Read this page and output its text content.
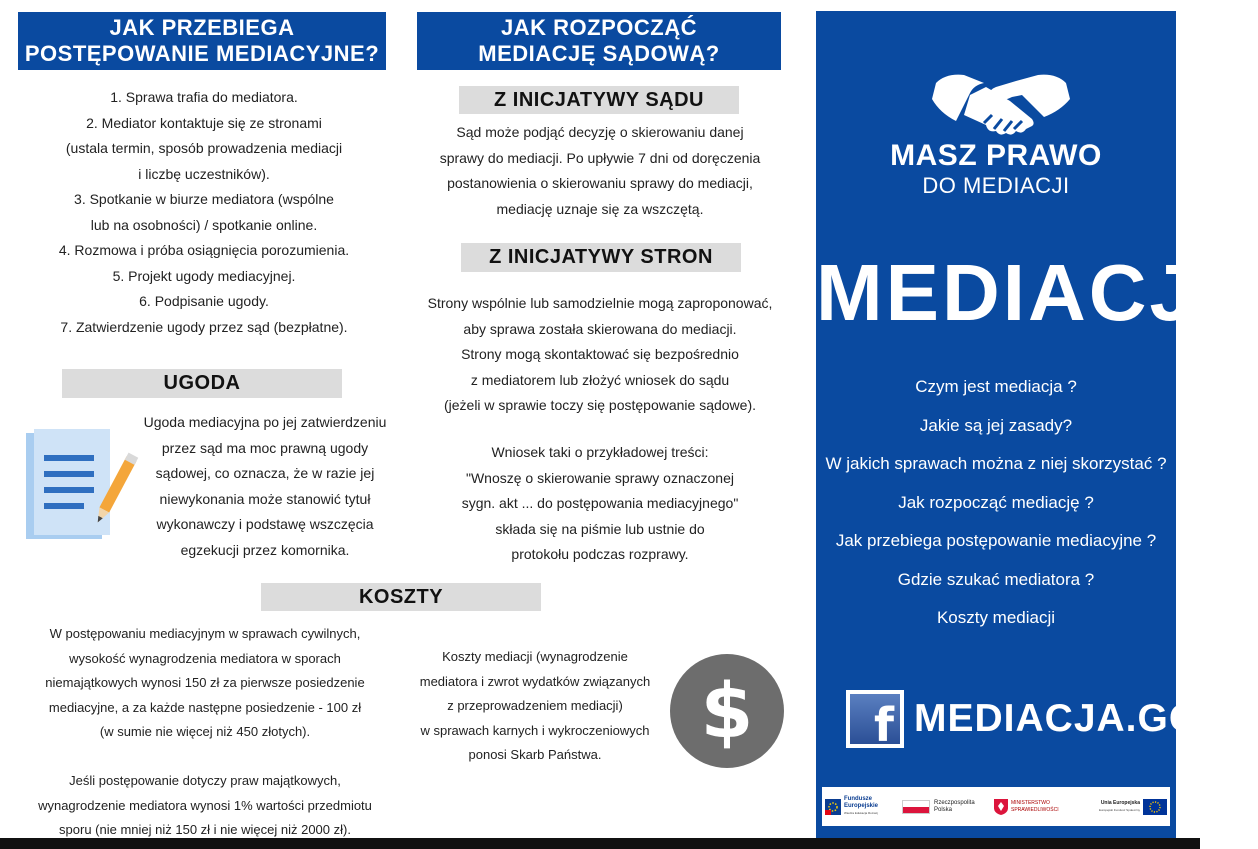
JAK PRZEBIEGA
POSTĘPOWANIE MEDIACYJNE?
1. Sprawa trafia do mediatora.
2. Mediator kontaktuje się ze stronami
(ustala termin, sposób prowadzenia mediacji
i liczbę uczestników).
3. Spotkanie w biurze mediatora (wspólne
lub na osobności) / spotkanie online.
4. Rozmowa i próba osiągnięcia porozumienia.
5. Projekt ugody mediacyjnej.
6. Podpisanie ugody.
7. Zatwierdzenie ugody przez sąd (bezpłatne).
UGODA
Ugoda mediacyjna po jej zatwierdzeniu
przez sąd ma moc prawną ugody
sądowej, co oznacza, że w razie jej
niewykonania może stanowić tytuł
wykonawczy i podstawę wszczęcia
egzekucji przez komornika.
JAK ROZPOCZĄĆ
MEDIACJĘ SĄDOWĄ?
Z INICJATYWY SĄDU
Sąd może podjąć decyzję o skierowaniu danej
sprawy do mediacji. Po upływie 7 dni od doręczenia
postanowienia o skierowaniu sprawy do mediacji,
mediację uznaje się za wszczętą.
Z INICJATYWY STRON
Strony wspólnie lub samodzielnie mogą zaproponować,
aby sprawa została skierowana do mediacji.
Strony mogą skontaktować się bezpośrednio
z mediatorem lub złożyć wniosek do sądu
(jeżeli w sprawie toczy się postępowanie sądowe).
Wniosek taki o przykładowej treści:
"Wnoszę o skierowanie sprawy oznaczonej
sygn. akt ... do postępowania mediacyjnego"
składa się na piśmie lub ustnie do
protokołu podczas rozprawy.
KOSZTY
W postępowaniu mediacyjnym w sprawach cywilnych,
wysokość wynagrodzenia mediatora w sporach
niemajątkowych wynosi 150 zł za pierwsze posiedzenie
mediacyjne, a za każde następne posiedzenie - 100 zł
(w sumie nie więcej niż 450 złotych).
Jeśli postępowanie dotyczy praw majątkowych,
wynagrodzenie mediatora wynosi 1% wartości przedmiotu
sporu (nie mniej niż 150 zł i nie więcej niż 2000 zł).
Koszty mediacji (wynagrodzenie
mediatora i zwrot wydatków związanych
z przeprowadzeniem mediacji)
w sprawach karnych i wykroczeniowych
ponosi Skarb Państwa.	$
MASZ PRAWO
DO MEDIACJI
MEDIACJA
Czym jest mediacja ?
Jakie są jej zasady?
W jakich sprawach można z niej skorzystać ?
Jak rozpocząć mediację ?
Jak przebiega postępowanie mediacyjne ?
Gdzie szukać mediatora ?
Koszty mediacji
f MEDIACJA.GOV
Fundusze
Europejskie
Wiedza Edukacja Rozwój
Rzeczpospolita
Polska
MINISTERSTWO
SPRAWIEDLIWOŚCI
Unia Europejska
Europejski Fundusz Społeczny
